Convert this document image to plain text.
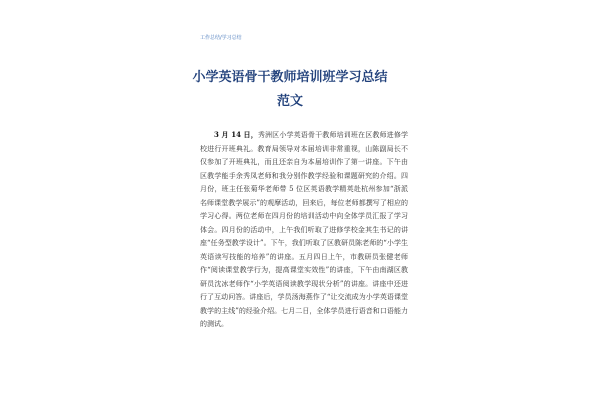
工作总结/学习总结
小学英语骨干教师培训班学习总结
范文
3 月 14 日，秀洲区小学英语骨干教师培训班在区教师进修学校进行开班典礼。教育局领导对本届培训非常重视，山陈副局长不仅参加了开班典礼，而且还亲自为本届培训作了第一讲座。下午由区教学能手余秀凤老师和我分别作教学经验和课题研究的介绍。四月份，班主任张菊华老师带 5 位区英语教学精英赴杭州参加“浙派名师课堂教学展示”的观摩活动，回来后，每位老师都撰写了相应的学习心得。两位老师在四月份的培训活动中向全体学员汇报了学习体会。四月份的活动中，上午我们听取了进修学校金其生书记的讲座“任务型教学设计”。下午，我们听取了区教研员陈老师的“小学生英语读写技能的培养”的讲座。五月四日上午，市教研员张健老师作“阅读课堂教学行为，提高课堂实效性”的讲座，下午由南湖区教研员沈冰老师作“小学英语阅读教学现状分析”的讲座。讲座中还进行了互动问答。讲座后，学员汤海燕作了“让交流成为小学英语课堂教学的主线”的经验介绍。七月二日，全体学员进行语音和口语能力的测试。
